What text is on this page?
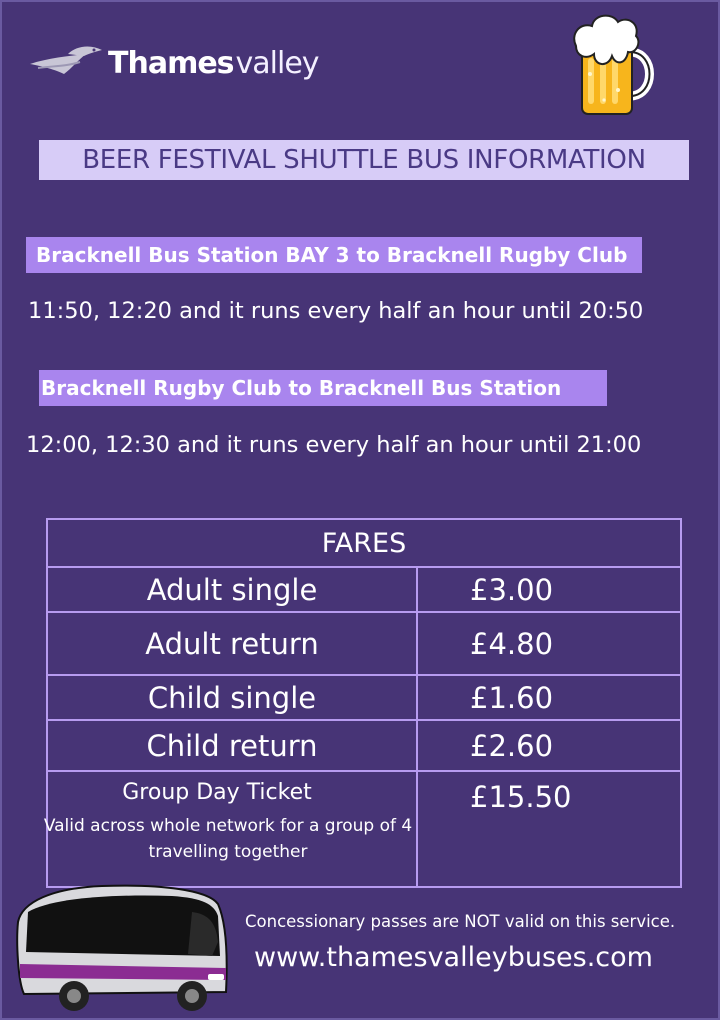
Thamesvalley
BEER FESTIVAL SHUTTLE BUS INFORMATION
Bracknell Bus Station BAY 3 to Bracknell Rugby Club
11:50, 12:20 and it runs every half an hour until 20:50
Bracknell Rugby Club to Bracknell Bus Station
12:00, 12:30 and it runs every half an hour until 21:00
FARES	
Adult single	£3.00
Adult return	£4.80
Child single	£1.60
Child return	£2.60

Group Day Ticket
Valid across whole network for a group of 4 travelling together	£15.50
Concessionary passes are NOT valid on this service.
www.thamesvalleybuses.com
